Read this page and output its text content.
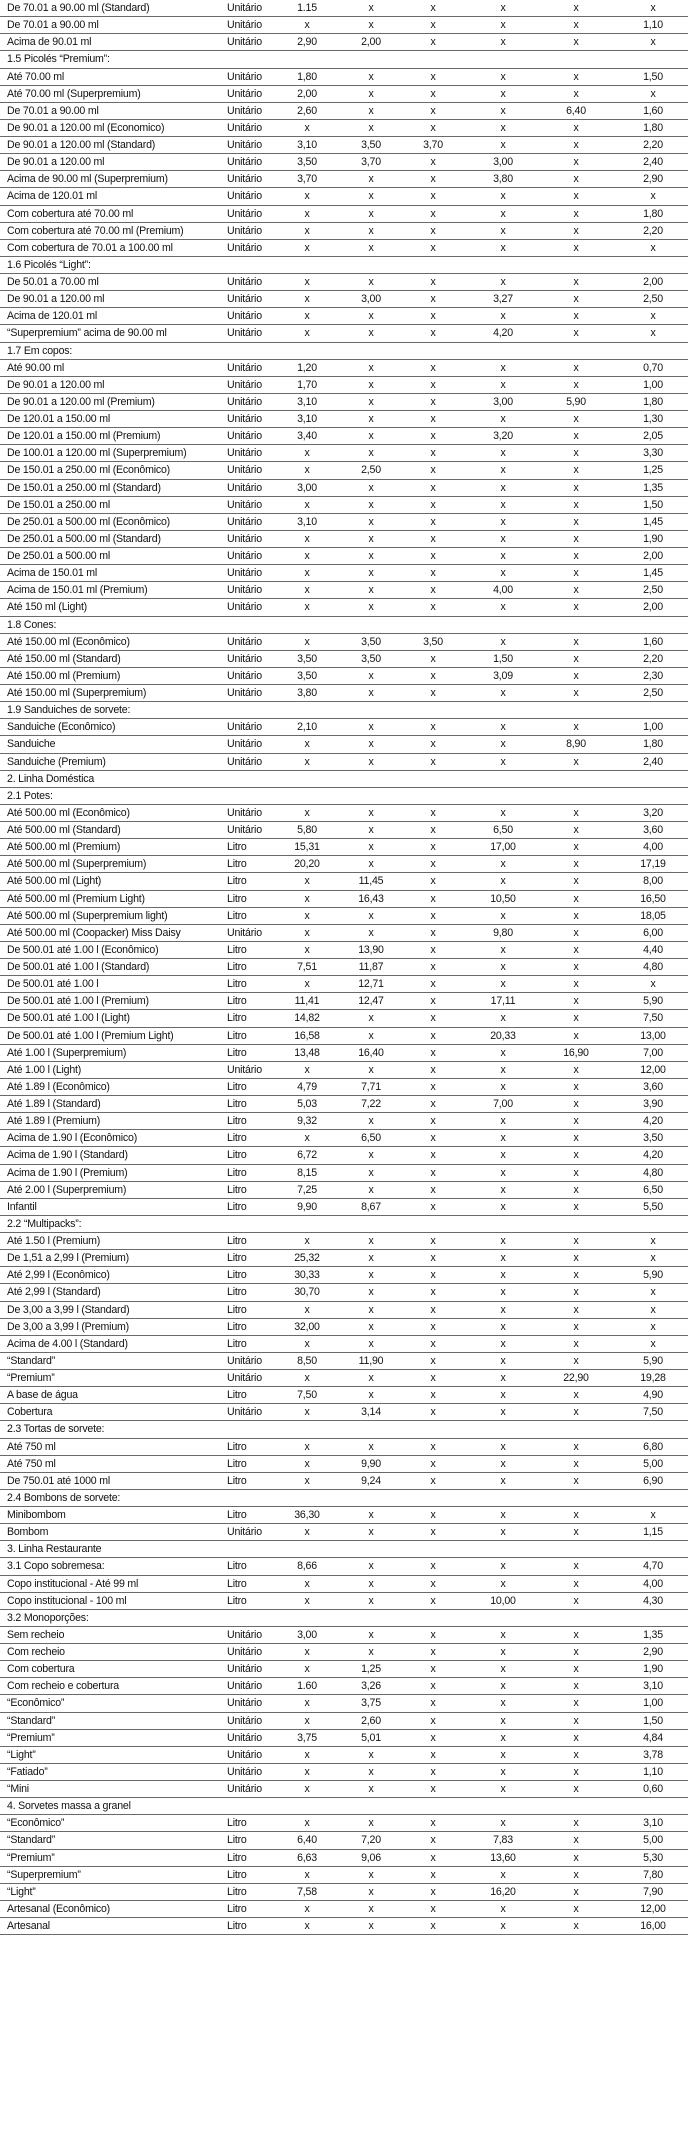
De 70.01 a 90.00 ml (Standard)	Unitário	1.15	x	x	x	x	x
De 70.01 a 90.00 ml	Unitário	x	x	x	x	x	1,10
Acima de 90.01 ml	Unitário	2,90	2,00	x	x	x	x
1.5 Picolés “Premium”:
Até 70.00 ml	Unitário	1,80	x	x	x	x	1,50
Até 70.00 ml (Superpremium)	Unitário	2,00	x	x	x	x	x
De 70.01 a 90.00 ml	Unitário	2,60	x	x	x	6,40	1,60
De 90.01 a 120.00 ml (Economico)	Unitário	x	x	x	x	x	1,80
De 90.01 a 120.00 ml (Standard)	Unitário	3,10	3,50	3,70	x	x	2,20
De 90.01 a 120.00 ml	Unitário	3,50	3,70	x	3,00	x	2,40
Acima de 90.00 ml (Superpremium)	Unitário	3,70	x	x	3,80	x	2,90
Acima de 120.01 ml	Unitário	x	x	x	x	x	x
Com cobertura até 70.00 ml	Unitário	x	x	x	x	x	1,80
Com cobertura até 70.00 ml (Premium)	Unitário	x	x	x	x	x	2,20
Com cobertura de 70.01 a 100.00 ml	Unitário	x	x	x	x	x	x
1.6 Picolés “Light”:
De 50.01 a 70.00 ml	Unitário	x	x	x	x	x	2,00
De 90.01 a 120.00 ml	Unitário	x	3,00	x	3,27	x	2,50
Acima de 120.01 ml	Unitário	x	x	x	x	x	x
“Superpremium” acima de 90.00 ml	Unitário	x	x	x	4,20	x	x
1.7 Em copos:
Até 90.00 ml	Unitário	1,20	x	x	x	x	0,70
De 90.01 a 120.00 ml	Unitário	1,70	x	x	x	x	1,00
De 90.01 a 120.00 ml (Premium)	Unitário	3,10	x	x	3,00	5,90	1,80
De 120.01 a 150.00 ml	Unitário	3,10	x	x	x	x	1,30
De 120.01 a 150.00 ml (Premium)	Unitário	3,40	x	x	3,20	x	2,05
De 100.01 a 120.00 ml (Superpremium)	Unitário	x	x	x	x	x	3,30
De 150.01 a 250.00 ml (Econômico)	Unitário	x	2,50	x	x	x	1,25
De 150.01 a 250.00 ml (Standard)	Unitário	3,00	x	x	x	x	1,35
De 150.01 a 250.00 ml	Unitário	x	x	x	x	x	1,50
De 250.01 a 500.00 ml (Econômico)	Unitário	3,10	x	x	x	x	1,45
De 250.01 a 500.00 ml (Standard)	Unitário	x	x	x	x	x	1,90
De 250.01 a 500.00 ml	Unitário	x	x	x	x	x	2,00
Acima de 150.01 ml	Unitário	x	x	x	x	x	1,45
Acima de 150.01 ml (Premium)	Unitário	x	x	x	4,00	x	2,50
Até 150 ml (Light)	Unitário	x	x	x	x	x	2,00
1.8 Cones:
Até 150.00 ml (Econômico)	Unitário	x	3,50	3,50	x	x	1,60
Até 150.00 ml (Standard)	Unitário	3,50	3,50	x	1,50	x	2,20
Até 150.00 ml (Premium)	Unitário	3,50	x	x	3,09	x	2,30
Até 150.00 ml (Superpremium)	Unitário	3,80	x	x	x	x	2,50
1.9 Sanduiches de sorvete:
Sanduiche (Econômico)	Unitário	2,10	x	x	x	x	1,00
Sanduiche	Unitário	x	x	x	x	8,90	1,80
Sanduiche (Premium)	Unitário	x	x	x	x	x	2,40
2. Linha Doméstica
2.1 Potes:
Até 500.00 ml (Econômico)	Unitário	x	x	x	x	x	3,20
Até 500.00 ml (Standard)	Unitário	5,80	x	x	6,50	x	3,60
Até 500.00 ml (Premium)	Litro	15,31	x	x	17,00	x	4,00
Até 500.00 ml (Superpremium)	Litro	20,20	x	x	x	x	17,19
Até 500.00 ml (Light)	Litro	x	11,45	x	x	x	8,00
Até 500.00 ml (Premium Light)	Litro	x	16,43	x	10,50	x	16,50
Até 500.00 ml (Superpremium light)	Litro	x	x	x	x	x	18,05
Até 500.00 ml (Coopacker) Miss Daisy	Unitário	x	x	x	9,80	x	6,00
De 500.01 até 1.00 l (Econômico)	Litro	x	13,90	x	x	x	4,40
De 500.01 até 1.00 l (Standard)	Litro	7,51	11,87	x	x	x	4,80
De 500.01 até 1.00 l	Litro	x	12,71	x	x	x	x
De 500.01 até 1.00 l (Premium)	Litro	11,41	12,47	x	17,11	x	5,90
De 500.01 até 1.00 l (Light)	Litro	14,82	x	x	x	x	7,50
De 500.01 até 1.00 l (Premium Light)	Litro	16,58	x	x	20,33	x	13,00
Até 1.00 l (Superpremium)	Litro	13,48	16,40	x	x	16,90	7,00
Até 1.00 l (Light)	Unitário	x	x	x	x	x	12,00
Até 1.89 l (Econômico)	Litro	4,79	7,71	x	x	x	3,60
Até 1.89 l (Standard)	Litro	5,03	7,22	x	7,00	x	3,90
Até 1.89 l (Premium)	Litro	9,32	x	x	x	x	4,20
Acima de 1.90 l (Econômico)	Litro	x	6,50	x	x	x	3,50
Acima de 1.90 l (Standard)	Litro	6,72	x	x	x	x	4,20
Acima de 1.90 l (Premium)	Litro	8,15	x	x	x	x	4,80
Até 2.00 l (Superpremium)	Litro	7,25	x	x	x	x	6,50
Infantil	Litro	9,90	8,67	x	x	x	5,50
2.2 “Multipacks”:
Até 1.50 l (Premium)	Litro	x	x	x	x	x	x
De 1,51 a 2,99 l (Premium)	Litro	25,32	x	x	x	x	x
Até 2,99 l (Econômico)	Litro	30,33	x	x	x	x	5,90
Até 2,99 l (Standard)	Litro	30,70	x	x	x	x	x
De 3,00 a 3,99 l (Standard)	Litro	x	x	x	x	x	x
De 3,00 a 3,99 l (Premium)	Litro	32,00	x	x	x	x	x
Acima de 4.00 l (Standard)	Litro	x	x	x	x	x	x
“Standard”	Unitário	8,50	11,90	x	x	x	5,90
“Premium”	Unitário	x	x	x	x	22,90	19,28
A base de água	Litro	7,50	x	x	x	x	4,90
Cobertura	Unitário	x	3,14	x	x	x	7,50
2.3 Tortas de sorvete:
Até 750 ml	Litro	x	x	x	x	x	6,80
Até 750 ml	Litro	x	9,90	x	x	x	5,00
De 750.01 até 1000 ml	Litro	x	9,24	x	x	x	6,90
2.4 Bombons de sorvete:
Minibombom	Litro	36,30	x	x	x	x	x
Bombom	Unitário	x	x	x	x	x	1,15
3. Linha Restaurante
3.1 Copo sobremesa:	Litro	8,66	x	x	x	x	4,70
Copo institucional - Até 99 ml	Litro	x	x	x	x	x	4,00
Copo institucional - 100 ml	Litro	x	x	x	10,00	x	4,30
3.2 Monoporções:
Sem recheio	Unitário	3,00	x	x	x	x	1,35
Com recheio	Unitário	x	x	x	x	x	2,90
Com cobertura	Unitário	x	1,25	x	x	x	1,90
Com recheio e cobertura	Unitário	1.60	3,26	x	x	x	3,10
“Econômico”	Unitário	x	3,75	x	x	x	1,00
“Standard”	Unitário	x	2,60	x	x	x	1,50
“Premium”	Unitário	3,75	5,01	x	x	x	4,84
“Light”	Unitário	x	x	x	x	x	3,78
“Fatiado”	Unitário	x	x	x	x	x	1,10
“Mini	Unitário	x	x	x	x	x	0,60
4. Sorvetes massa a granel
“Econômico”	Litro	x	x	x	x	x	3,10
“Standard”	Litro	6,40	7,20	x	7,83	x	5,00
“Premium”	Litro	6,63	9,06	x	13,60	x	5,30
“Superpremium”	Litro	x	x	x	x	x	7,80
“Light”	Litro	7,58	x	x	16,20	x	7,90
Artesanal (Econômico)	Litro	x	x	x	x	x	12,00
Artesanal	Litro	x	x	x	x	x	16,00
